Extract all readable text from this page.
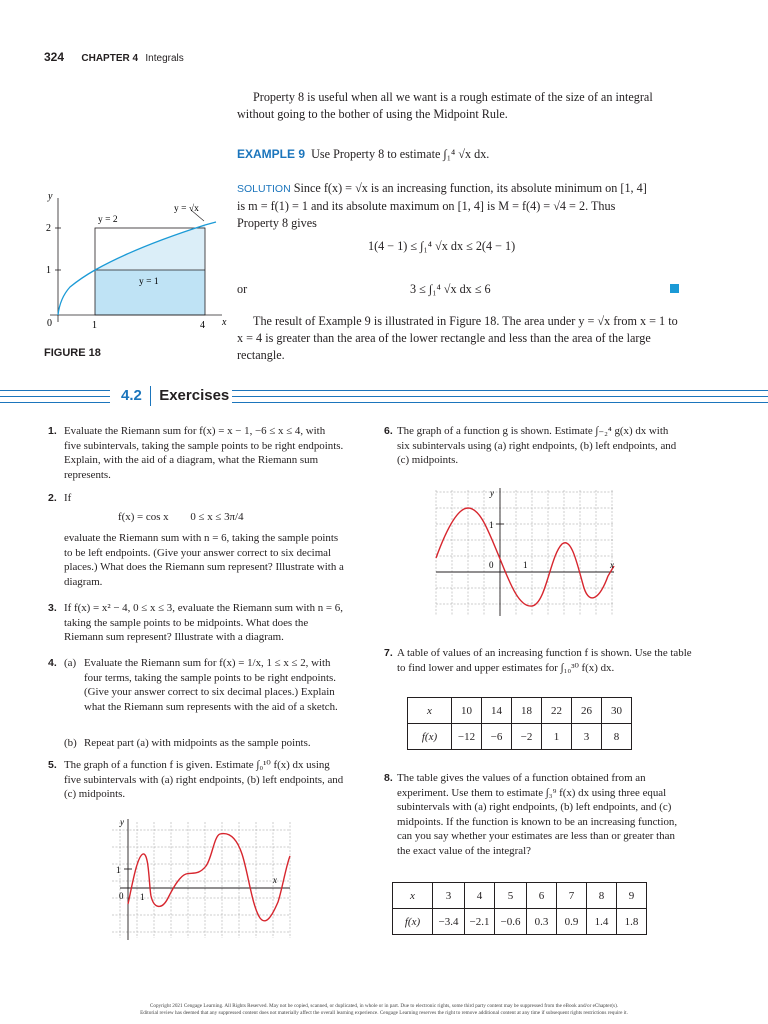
324 CHAPTER 4 Integrals
Property 8 is useful when all we want is a rough estimate of the size of an integral without going to the bother of using the Midpoint Rule.
EXAMPLE 9 Use Property 8 to estimate ∫₁⁴ √x dx.
SOLUTION Since f(x) = √x is an increasing function, its absolute minimum on [1, 4]
is m = f(1) = 1 and its absolute maximum on [1, 4] is M = f(4) = √4 = 2. Thus
Property 8 gives
1(4 − 1) ≤ ∫₁⁴ √x dx ≤ 2(4 − 1)
or	3 ≤ ∫₁⁴ √x dx ≤ 6
The result of Example 9 is illustrated in Figure 18. The area under y = √x from x = 1 to x = 4 is greater than the area of the lower rectangle and less than the area of the large rectangle.
y
x
y = √x
y = 2
y = 1
2
1
0	1	4
FIGURE 18
4.2 Exercises
1. Evaluate the Riemann sum for f(x) = x − 1, −6 ≤ x ≤ 4, with five subintervals, taking the sample points to be right endpoints. Explain, with the aid of a diagram, what the Riemann sum represents.
2. If
f(x) = cos x        0 ≤ x ≤ 3π/4
evaluate the Riemann sum with n = 6, taking the sample points to be left endpoints. (Give your answer correct to six decimal places.) What does the Riemann sum represent? Illustrate with a diagram.
3. If f(x) = x² − 4, 0 ≤ x ≤ 3, evaluate the Riemann sum with n = 6, taking the sample points to be midpoints. What does the Riemann sum represent? Illustrate with a diagram.
4. (a) Evaluate the Riemann sum for f(x) = 1/x, 1 ≤ x ≤ 2, with four terms, taking the sample points to be right endpoints. (Give your answer correct to six decimal places.) Explain what the Riemann sum represents with the aid of a sketch.
(b) Repeat part (a) with midpoints as the sample points.
5. The graph of a function f is given. Estimate ∫₀¹⁰ f(x) dx using five subintervals with (a) right endpoints, (b) left endpoints, and (c) midpoints.
y
x
1
0 1
6. The graph of a function g is shown. Estimate ∫₋₂⁴ g(x) dx with six subintervals using (a) right endpoints, (b) left endpoints, and (c) midpoints.
y
x
1
0	1
7. A table of values of an increasing function f is shown. Use the table to find lower and upper estimates for ∫₁₀³⁰ f(x) dx.
x	10	14	18	22	26	30
f(x)	−12	−6	−2	1	3	8
8. The table gives the values of a function obtained from an experiment. Use them to estimate ∫₃⁹ f(x) dx using three equal subintervals with (a) right endpoints, (b) left endpoints, and (c) midpoints. If the function is known to be an increasing function, can you say whether your estimates are less than or greater than the exact value of the integral?
x	3	4	5	6	7	8	9
f(x)	−3.4	−2.1	−0.6	0.3	0.9	1.4	1.8
Copyright 2021 Cengage Learning. All Rights Reserved. May not be copied, scanned, or duplicated, in whole or in part. Due to electronic rights, some third party content may be suppressed from the eBook and/or eChapter(s).
Editorial review has deemed that any suppressed content does not materially affect the overall learning experience. Cengage Learning reserves the right to remove additional content at any time if subsequent rights restrictions require it.
